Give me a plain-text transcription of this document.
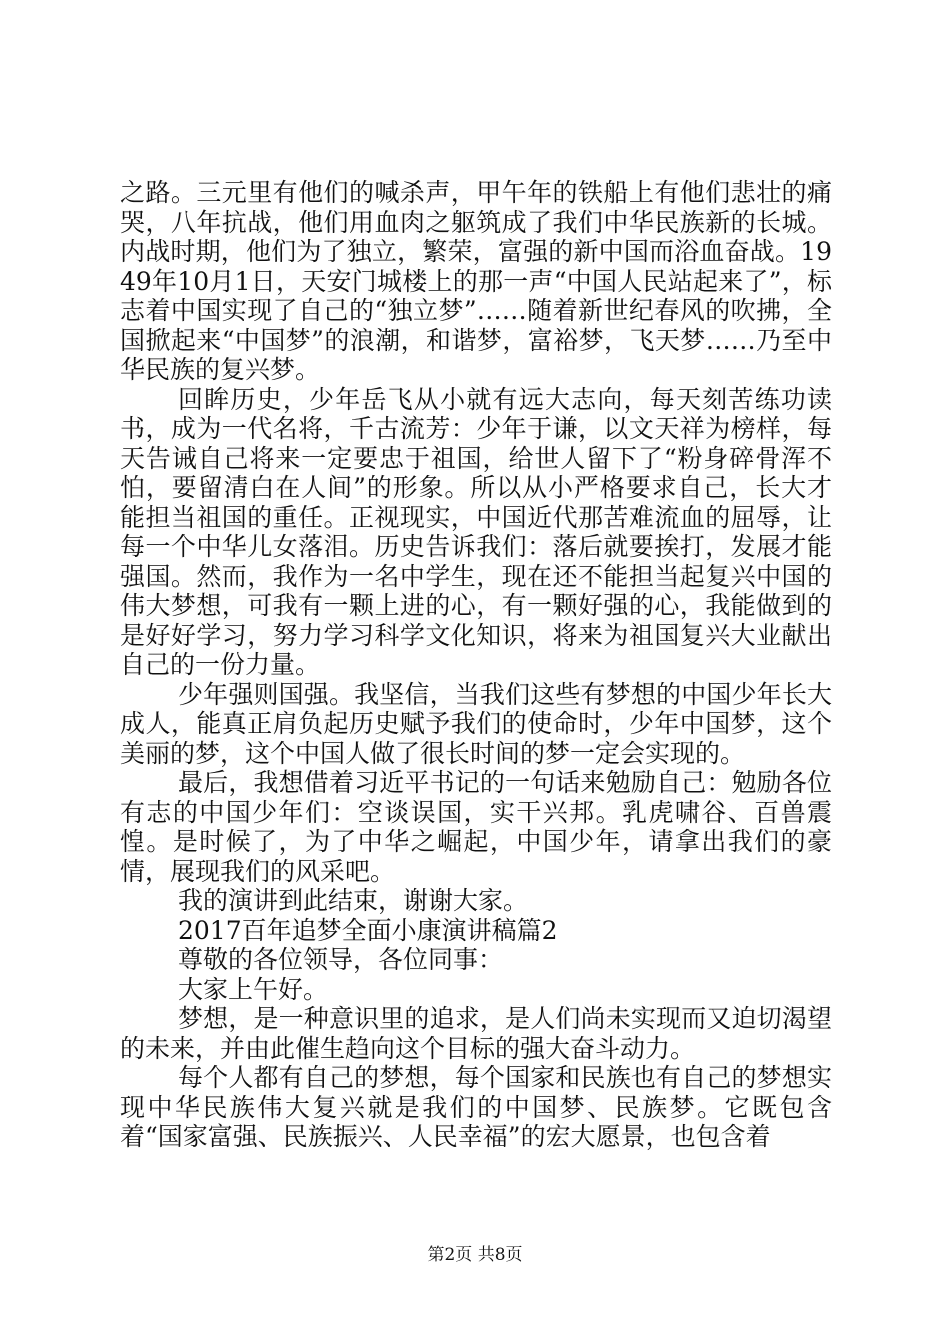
之路。三元里有他们的喊杀声，甲午年的铁船上有他们悲壮的痛哭，八年抗战，他们用血肉之躯筑成了我们中华民族新的长城。内战时期，他们为了独立，繁荣，富强的新中国而浴血奋战。1949年10月1日，天安门城楼上的那一声“中国人民站起来了”，标志着中国实现了自己的“独立梦”……随着新世纪春风的吹拂，全国掀起来“中国梦”的浪潮，和谐梦，富裕梦，飞天梦……乃至中华民族的复兴梦。

回眸历史，少年岳飞从小就有远大志向，每天刻苦练功读书，成为一代名将，千古流芳：少年于谦，以文天祥为榜样，每天告诫自己将来一定要忠于祖国，给世人留下了“粉身碎骨浑不怕，要留清白在人间”的形象。所以从小严格要求自己，长大才能担当祖国的重任。正视现实，中国近代那苦难流血的屈辱，让每一个中华儿女落泪。历史告诉我们：落后就要挨打，发展才能强国。然而，我作为一名中学生，现在还不能担当起复兴中国的伟大梦想，可我有一颗上进的心，有一颗好强的心，我能做到的是好好学习，努力学习科学文化知识，将来为祖国复兴大业献出自己的一份力量。

少年强则国强。我坚信，当我们这些有梦想的中国少年长大成人，能真正肩负起历史赋予我们的使命时，少年中国梦，这个美丽的梦，这个中国人做了很长时间的梦一定会实现的。

最后，我想借着习近平书记的一句话来勉励自己：勉励各位有志的中国少年们：空谈误国，实干兴邦。乳虎啸谷、百兽震惶。是时候了，为了中华之崛起，中国少年，请拿出我们的豪情，展现我们的风采吧。

我的演讲到此结束，谢谢大家。

2017百年追梦全面小康演讲稿篇2

尊敬的各位领导，各位同事：

大家上午好。

梦想，是一种意识里的追求，是人们尚未实现而又迫切渴望的未来，并由此催生趋向这个目标的强大奋斗动力。

每个人都有自己的梦想，每个国家和民族也有自己的梦想实现中华民族伟大复兴就是我们的中国梦、民族梦。它既包含着“国家富强、民族振兴、人民幸福”的宏大愿景，也包含着

第2页 共8页
